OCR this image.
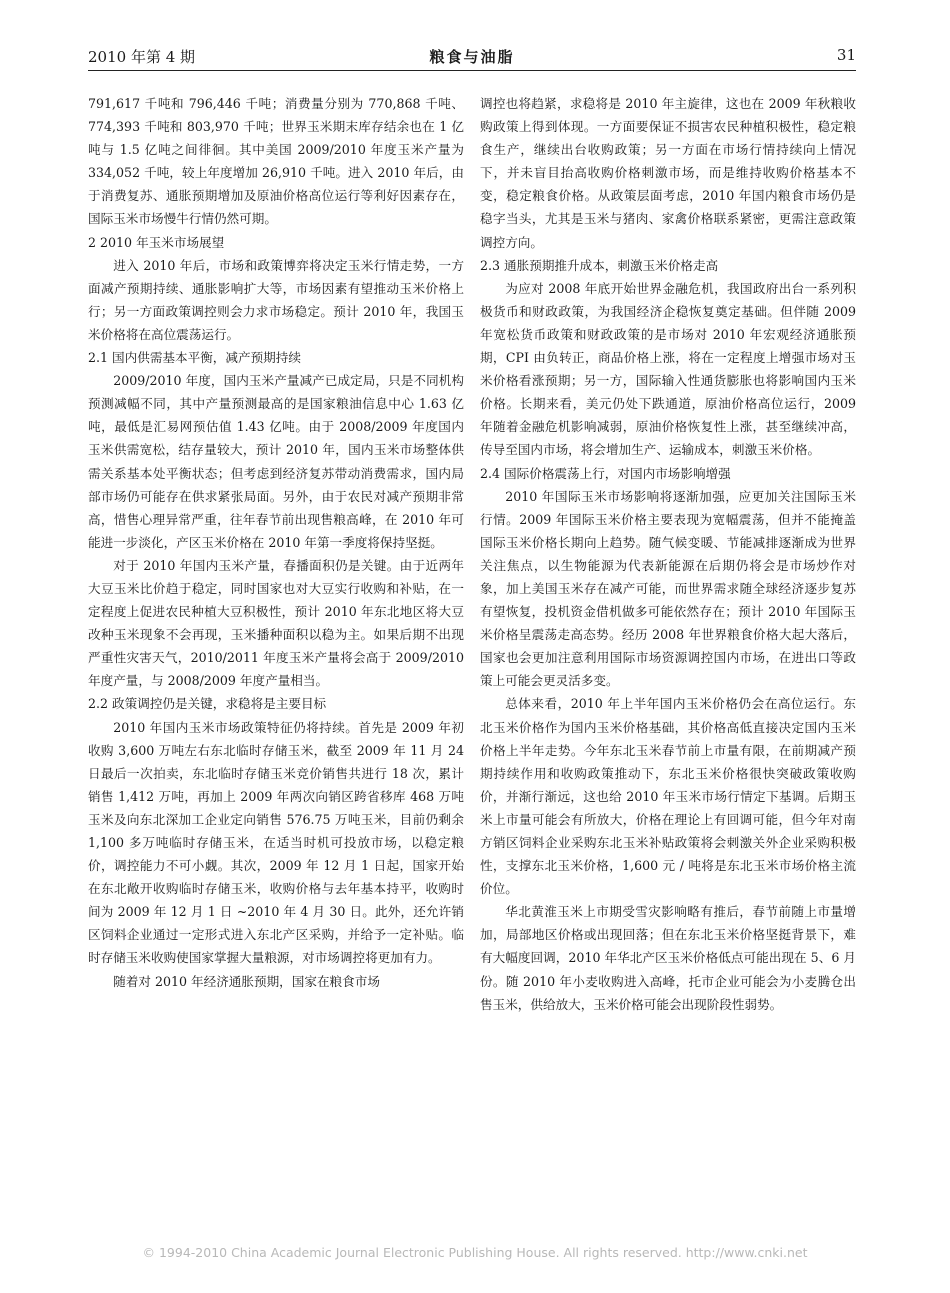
2010 年第 4 期	粮食与油脂	31

791,617 千吨和 796,446 千吨；消费量分别为 770,868 千吨、774,393 千吨和 803,970 千吨；世界玉米期末库存结余也在 1 亿吨与 1.5 亿吨之间徘徊。其中美国 2009/2010 年度玉米产量为 334,052 千吨，较上年度增加 26,910 千吨。进入 2010 年后，由于消费复苏、通胀预期增加及原油价格高位运行等利好因素存在，国际玉米市场慢牛行情仍然可期。

2 2010 年玉米市场展望

进入 2010 年后，市场和政策博弈将决定玉米行情走势，一方面减产预期持续、通胀影响扩大等，市场因素有望推动玉米价格上行；另一方面政策调控则会力求市场稳定。预计 2010 年，我国玉米价格将在高位震荡运行。

2.1 国内供需基本平衡，减产预期持续

2009/2010 年度，国内玉米产量减产已成定局，只是不同机构预测减幅不同，其中产量预测最高的是国家粮油信息中心 1.63 亿吨，最低是汇易网预估值 1.43 亿吨。由于 2008/2009 年度国内玉米供需宽松，结存量较大，预计 2010 年，国内玉米市场整体供需关系基本处平衡状态；但考虑到经济复苏带动消费需求，国内局部市场仍可能存在供求紧张局面。另外，由于农民对减产预期非常高，惜售心理异常严重，往年春节前出现售粮高峰，在 2010 年可能进一步淡化，产区玉米价格在 2010 年第一季度将保持坚挺。

对于 2010 年国内玉米产量，春播面积仍是关键。由于近两年大豆玉米比价趋于稳定，同时国家也对大豆实行收购和补贴，在一定程度上促进农民种植大豆积极性，预计 2010 年东北地区将大豆改种玉米现象不会再现，玉米播种面积以稳为主。如果后期不出现严重性灾害天气，2010/2011 年度玉米产量将会高于 2009/2010 年度产量，与 2008/2009 年度产量相当。

2.2 政策调控仍是关键，求稳将是主要目标

2010 年国内玉米市场政策特征仍将持续。首先是 2009 年初收购 3,600 万吨左右东北临时存储玉米，截至 2009 年 11 月 24 日最后一次拍卖，东北临时存储玉米竞价销售共进行 18 次，累计销售 1,412 万吨，再加上 2009 年两次向销区跨省移库 468 万吨玉米及向东北深加工企业定向销售 576.75 万吨玉米，目前仍剩余 1,100 多万吨临时存储玉米，在适当时机可投放市场，以稳定粮价，调控能力不可小觑。其次，2009 年 12 月 1 日起，国家开始在东北敞开收购临时存储玉米，收购价格与去年基本持平，收购时间为 2009 年 12 月 1 日 ~2010 年 4 月 30 日。此外，还允许销区饲料企业通过一定形式进入东北产区采购，并给予一定补贴。临时存储玉米收购使国家掌握大量粮源，对市场调控将更加有力。

随着对 2010 年经济通胀预期，国家在粮食市场

调控也将趋紧，求稳将是 2010 年主旋律，这也在 2009 年秋粮收购政策上得到体现。一方面要保证不损害农民种植积极性，稳定粮食生产，继续出台收购政策；另一方面在市场行情持续向上情况下，并未盲目抬高收购价格刺激市场，而是维持收购价格基本不变，稳定粮食价格。从政策层面考虑，2010 年国内粮食市场仍是稳字当头，尤其是玉米与猪肉、家禽价格联系紧密，更需注意政策调控方向。

2.3 通胀预期推升成本，刺激玉米价格走高

为应对 2008 年底开始世界金融危机，我国政府出台一系列积极货币和财政政策，为我国经济企稳恢复奠定基础。但伴随 2009 年宽松货币政策和财政政策的是市场对 2010 年宏观经济通胀预期，CPI 由负转正，商品价格上涨，将在一定程度上增强市场对玉米价格看涨预期；另一方，国际输入性通货膨胀也将影响国内玉米价格。长期来看，美元仍处下跌通道，原油价格高位运行，2009 年随着金融危机影响减弱，原油价格恢复性上涨，甚至继续冲高，传导至国内市场，将会增加生产、运输成本，刺激玉米价格。

2.4 国际价格震荡上行，对国内市场影响增强

2010 年国际玉米市场影响将逐渐加强，应更加关注国际玉米行情。2009 年国际玉米价格主要表现为宽幅震荡，但并不能掩盖国际玉米价格长期向上趋势。随气候变暖、节能减排逐渐成为世界关注焦点，以生物能源为代表新能源在后期仍将会是市场炒作对象，加上美国玉米存在减产可能，而世界需求随全球经济逐步复苏有望恢复，投机资金借机做多可能依然存在；预计 2010 年国际玉米价格呈震荡走高态势。经历 2008 年世界粮食价格大起大落后，国家也会更加注意利用国际市场资源调控国内市场，在进出口等政策上可能会更灵活多变。

总体来看，2010 年上半年国内玉米价格仍会在高位运行。东北玉米价格作为国内玉米价格基础，其价格高低直接决定国内玉米价格上半年走势。今年东北玉米春节前上市量有限，在前期减产预期持续作用和收购政策推动下，东北玉米价格很快突破政策收购价，并渐行渐远，这也给 2010 年玉米市场行情定下基调。后期玉米上市量可能会有所放大，价格在理论上有回调可能，但今年对南方销区饲料企业采购东北玉米补贴政策将会刺激关外企业采购积极性，支撑东北玉米价格，1,600 元 / 吨将是东北玉米市场价格主流价位。

华北黄淮玉米上市期受雪灾影响略有推后，春节前随上市量增加，局部地区价格或出现回落；但在东北玉米价格坚挺背景下，难有大幅度回调，2010 年华北产区玉米价格低点可能出现在 5、6 月份。随 2010 年小麦收购进入高峰，托市企业可能会为小麦腾仓出售玉米，供给放大，玉米价格可能会出现阶段性弱势。

© 1994-2010 China Academic Journal Electronic Publishing House. All rights reserved. http://www.cnki.net
